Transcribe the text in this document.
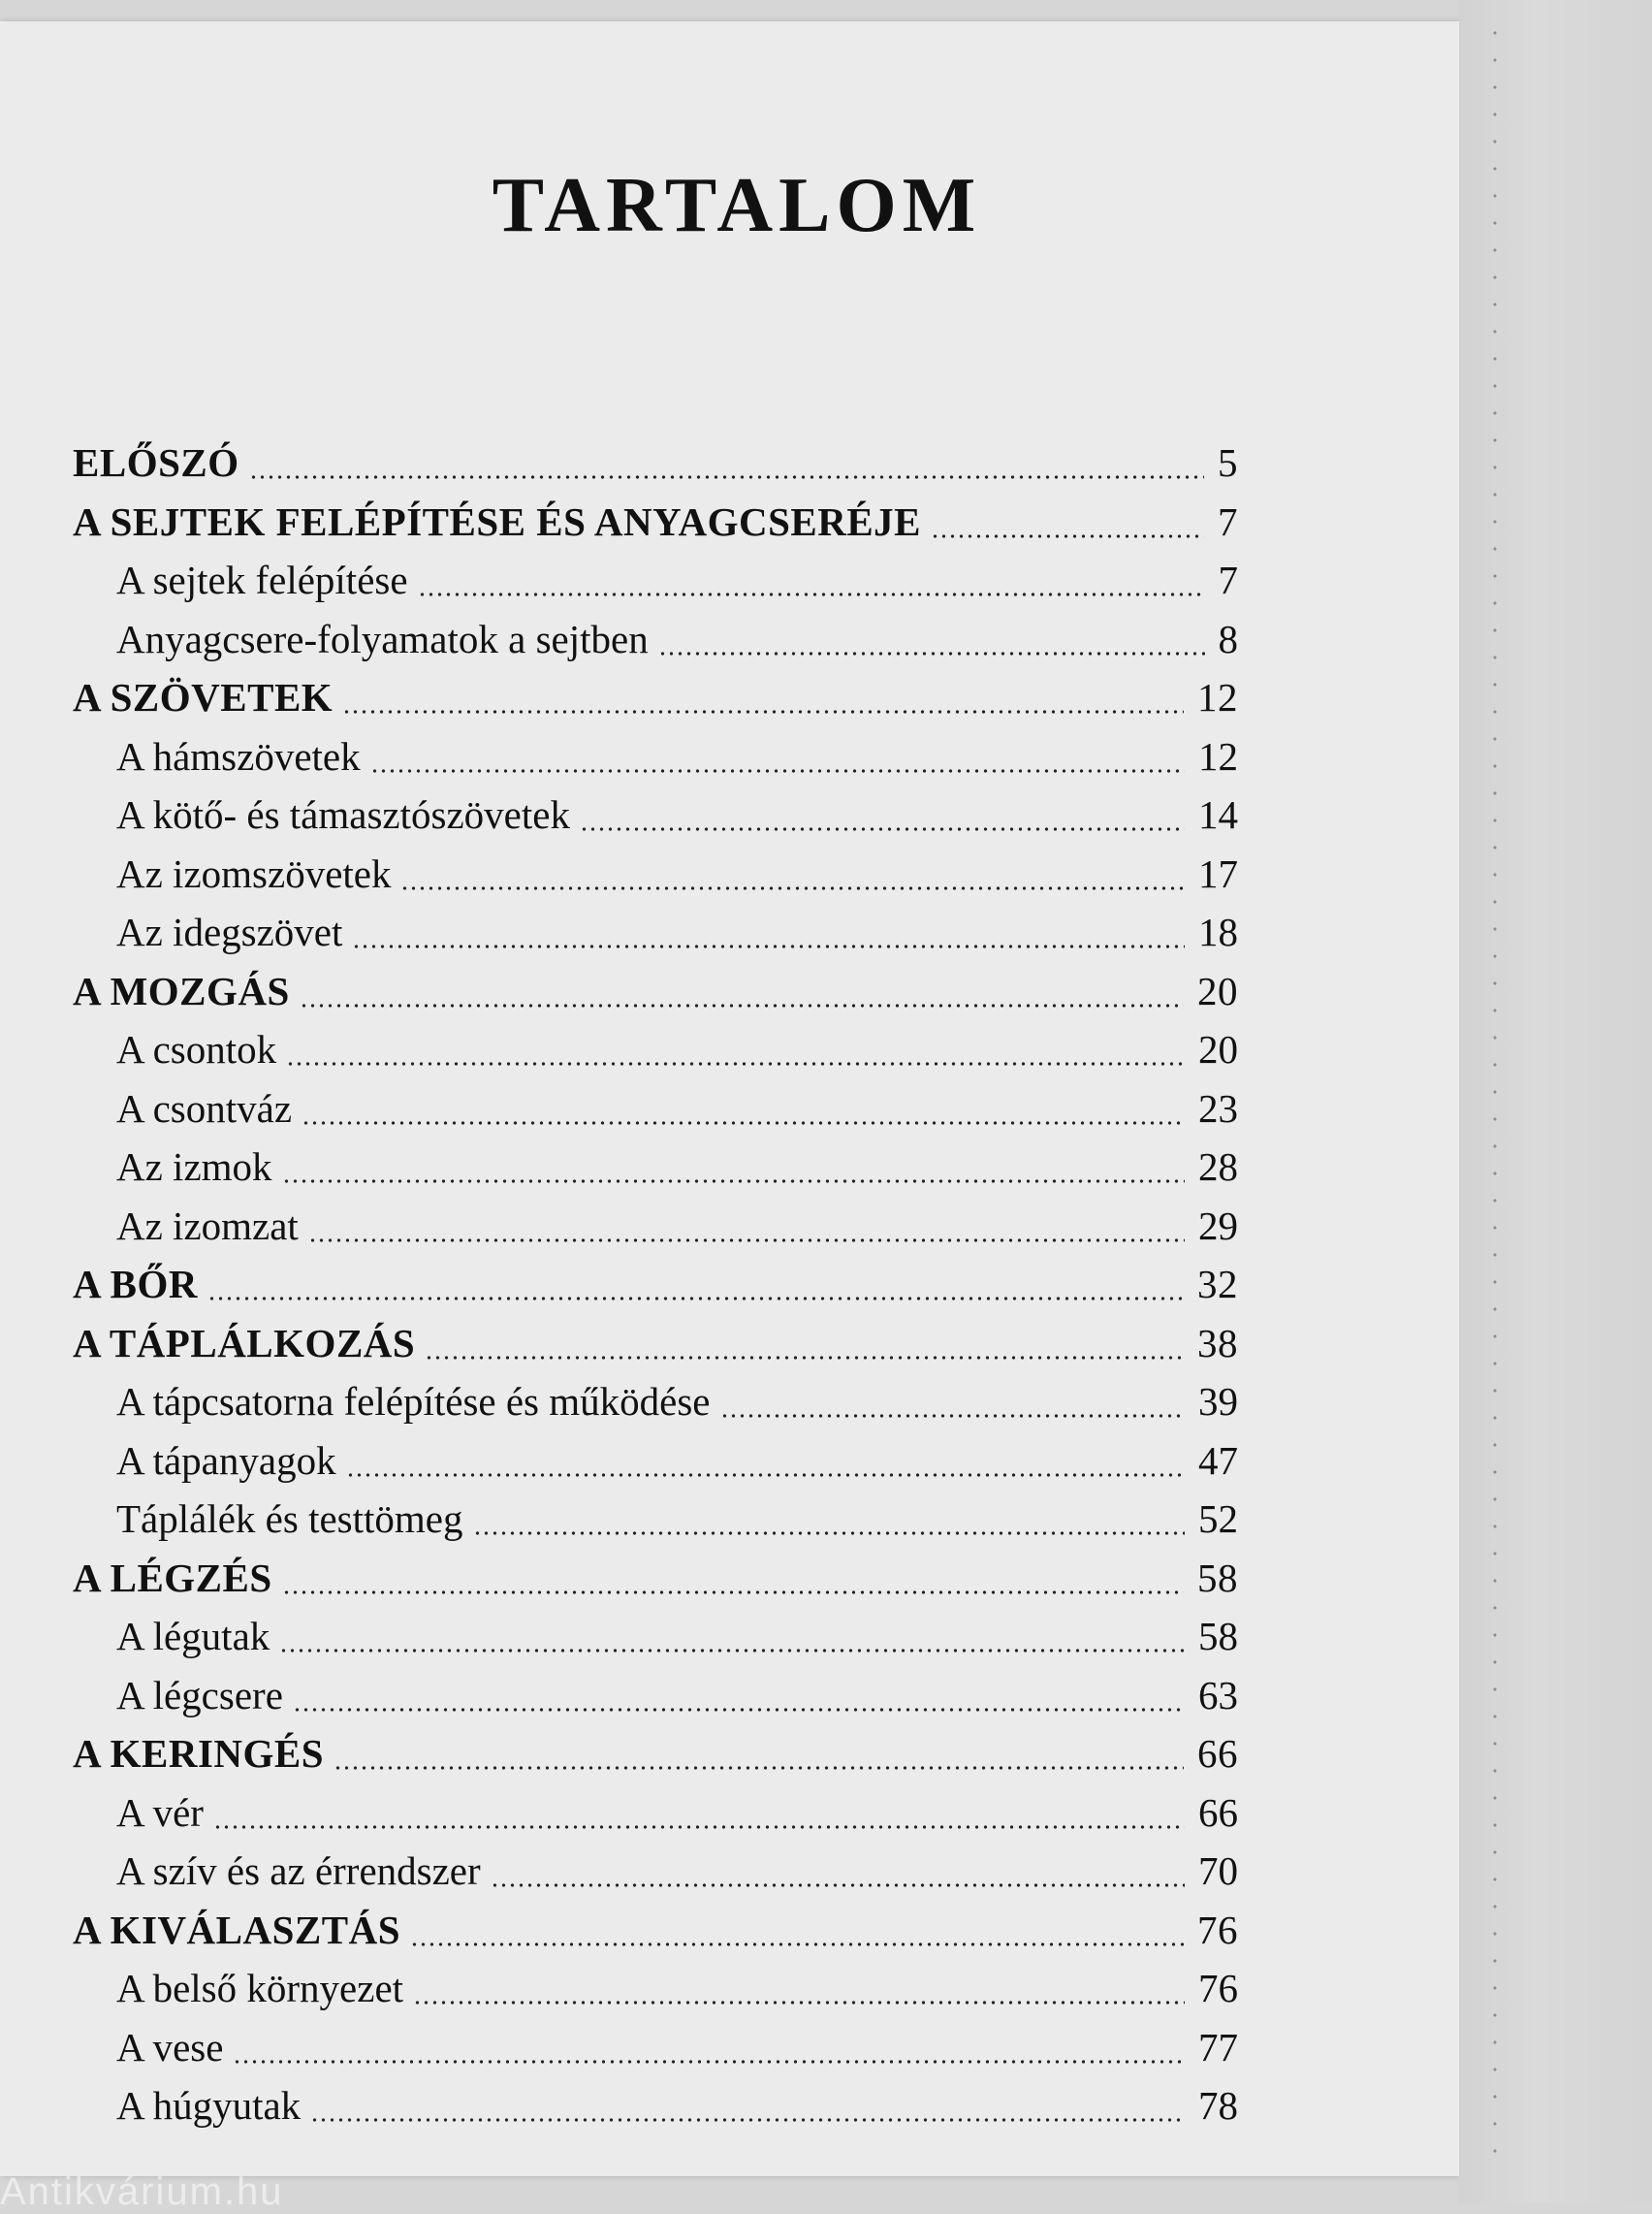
TARTALOM
ELŐSZÓ	5
A SEJTEK FELÉPÍTÉSE ÉS ANYAGCSERÉJE	7
A sejtek felépítése	7
Anyagcsere-folyamatok a sejtben	8
A SZÖVETEK	12
A hámszövetek	12
A kötő- és támasztószövetek	14
Az izomszövetek	17
Az idegszövet	18
A MOZGÁS	20
A csontok	20
A csontváz	23
Az izmok	28
Az izomzat	29
A BŐR	32
A TÁPLÁLKOZÁS	38
A tápcsatorna felépítése és működése	39
A tápanyagok	47
Táplálék és testtömeg	52
A LÉGZÉS	58
A légutak	58
A légcsere	63
A KERINGÉS	66
A vér	66
A szív és az érrendszer	70
A KIVÁLASZTÁS	76
A belső környezet	76
A vese	77
A húgyutak	78
Antikvárium.hu
